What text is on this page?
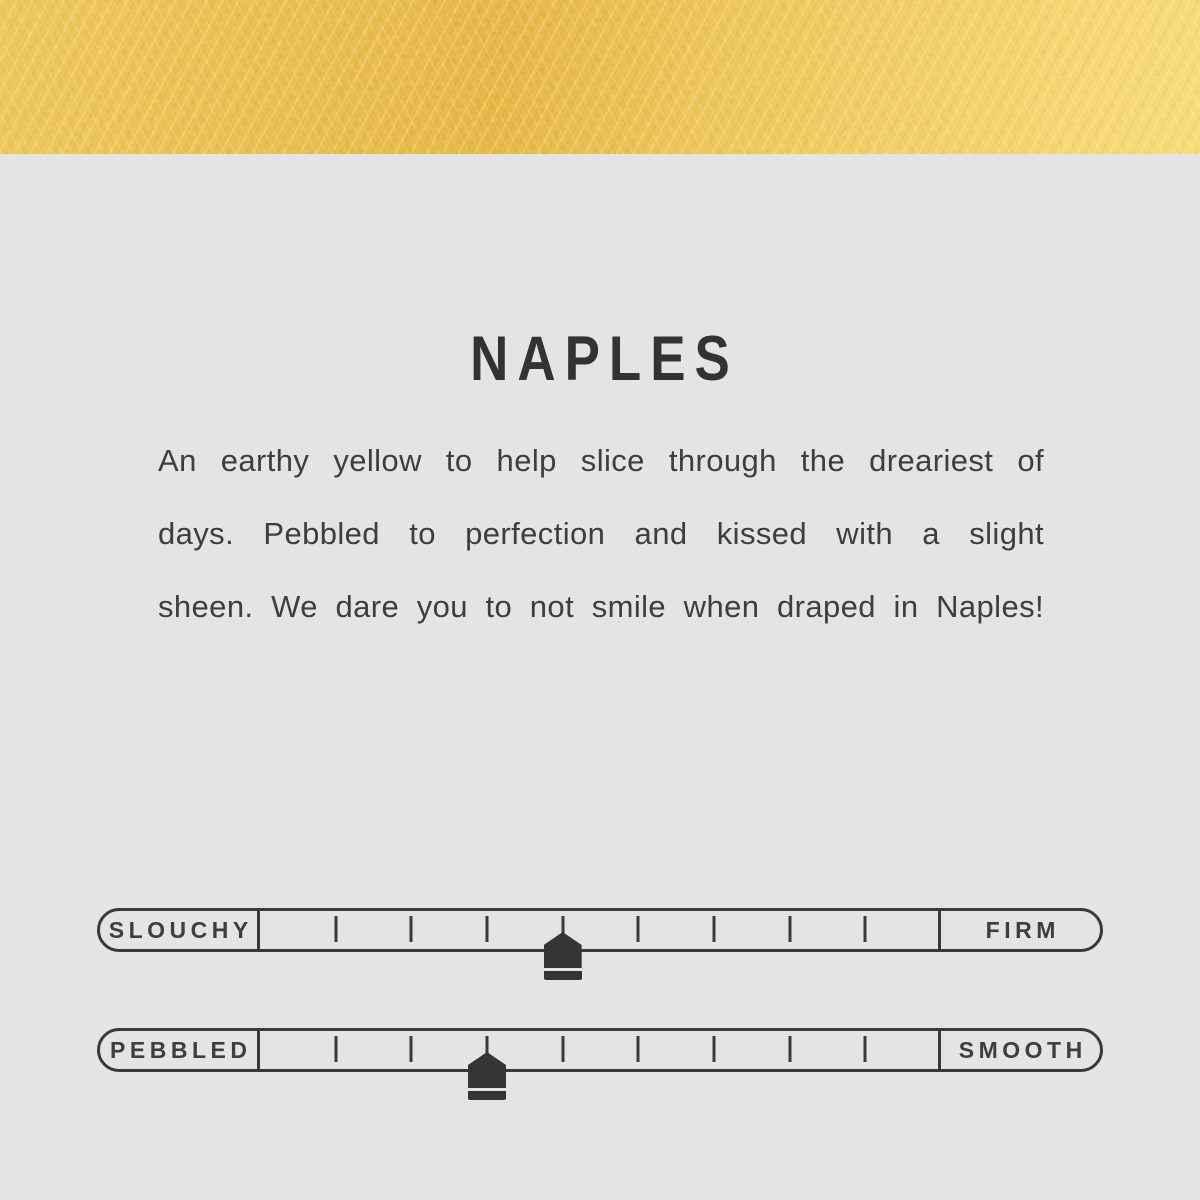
NAPLES
An earthy yellow to help slice through the dreariest of
days. Pebbled to perfection and kissed with a slight
sheen. We dare you to not smile when draped in Naples!
SLOUCHY	FIRM
PEBBLED	SMOOTH
